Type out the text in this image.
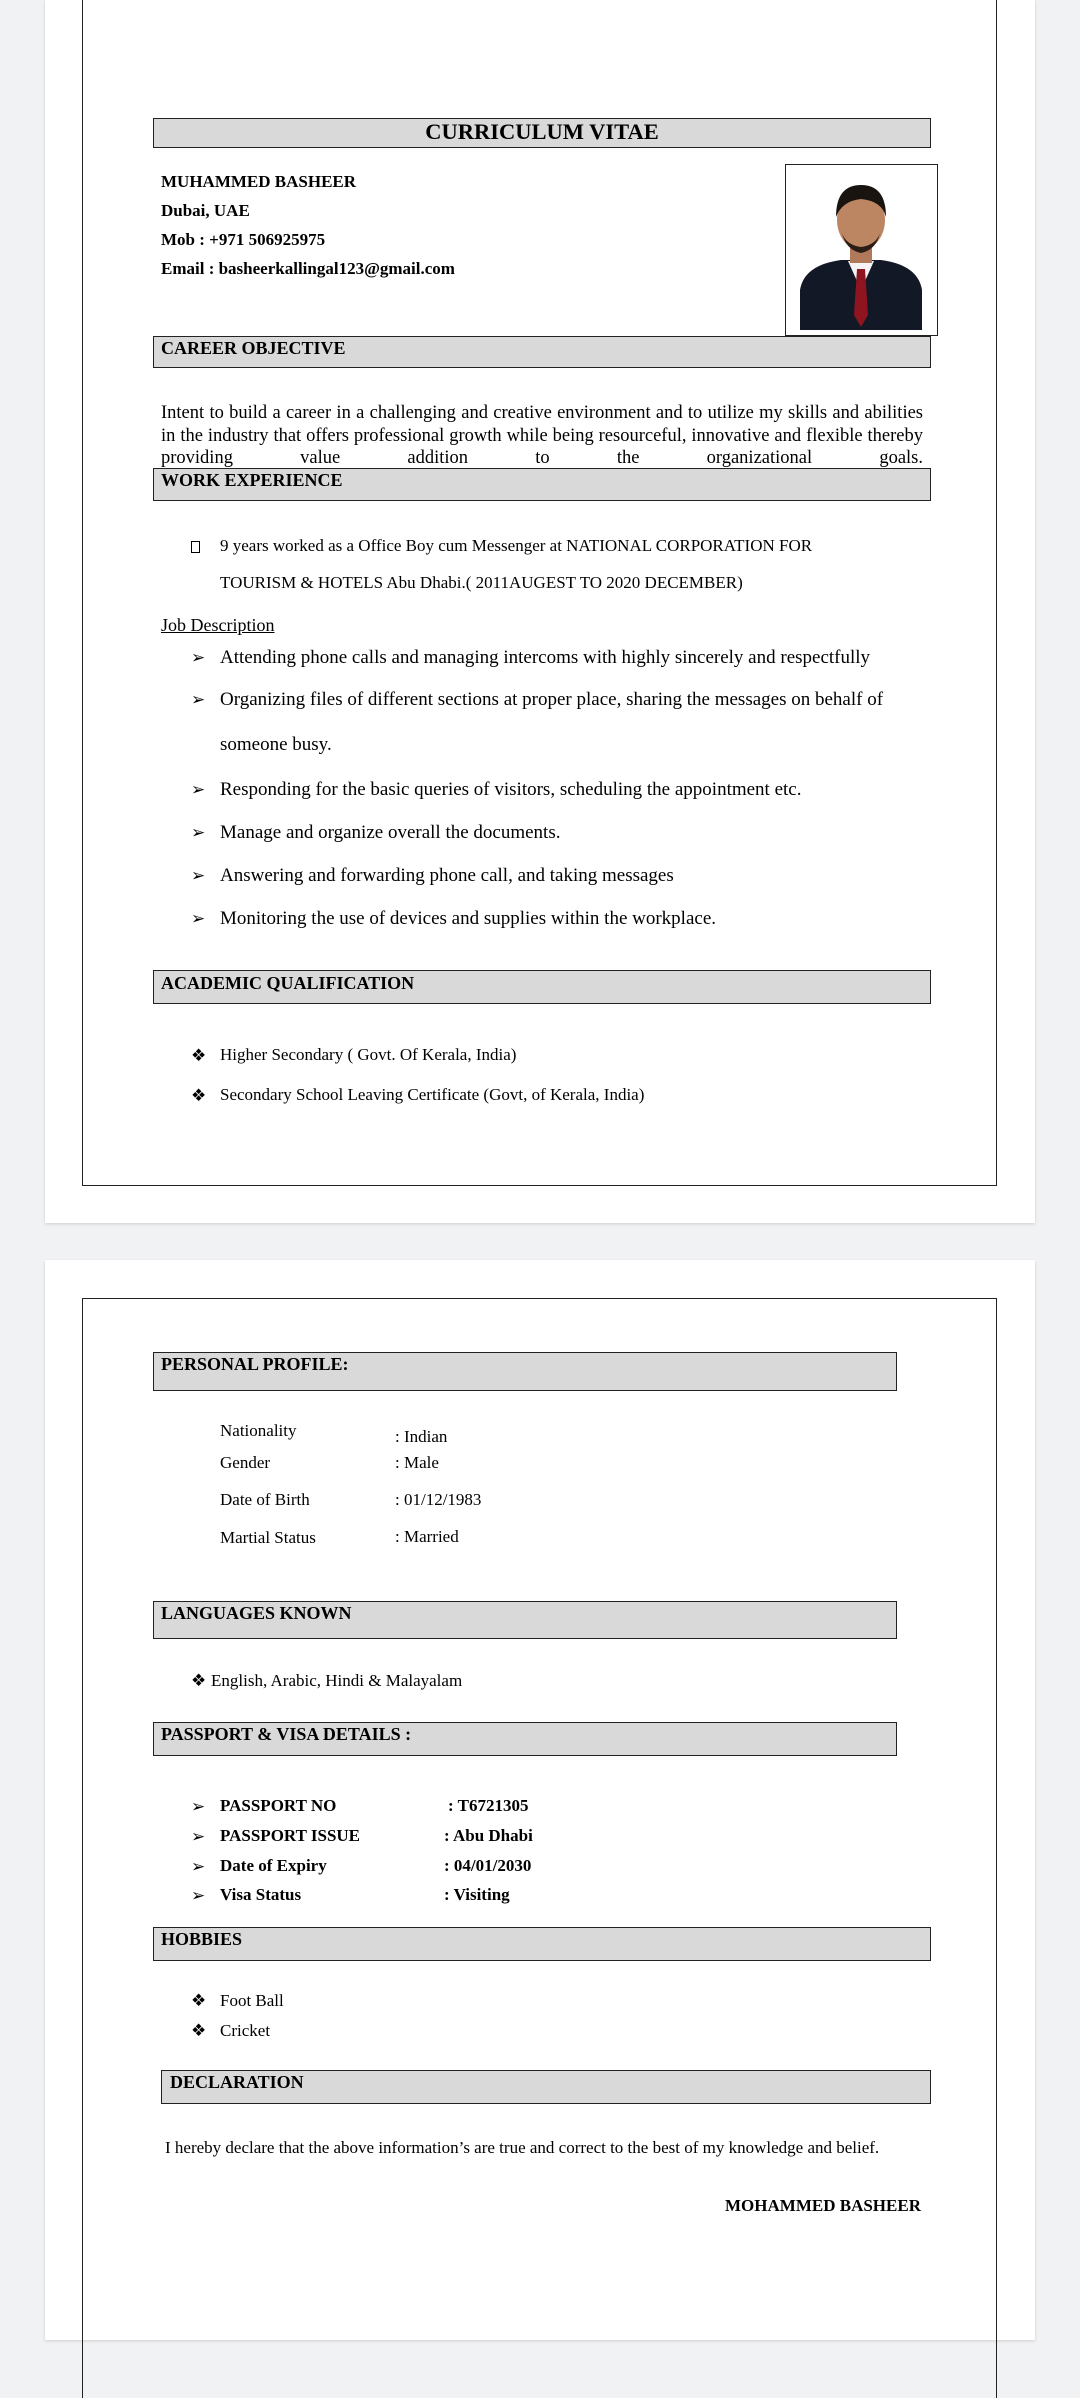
CURRICULUM VITAE
MUHAMMED BASHEER
Dubai, UAE
Mob : +971 506925975
Email : basheerkallingal123@gmail.com
CAREER OBJECTIVE
Intent to build a career in a challenging and creative environment and to utilize my skills and abilities in the industry that offers professional growth while being resourceful, innovative and flexible thereby providing value addition to the organizational goals.
WORK EXPERIENCE
9 years worked as a Office Boy cum Messenger at NATIONAL CORPORATION FOR
TOURISM & HOTELS Abu Dhabi.( 2011AUGEST TO 2020 DECEMBER)
Job Description
➢ Attending phone calls and managing intercoms with highly sincerely and respectfully
➢ Organizing files of different sections at proper place, sharing the messages on behalf of
someone busy.
➢ Responding for the basic queries of visitors, scheduling the appointment etc.
➢ Manage and organize overall the documents.
➢ Answering and forwarding phone call, and taking messages
➢ Monitoring the use of devices and supplies within the workplace.
ACADEMIC QUALIFICATION
❖ Higher Secondary ( Govt. Of Kerala, India)
❖ Secondary School Leaving Certificate (Govt, of Kerala, India)
PERSONAL PROFILE:
Nationality	: Indian
Gender	: Male
Date of Birth	: 01/12/1983
Martial Status	: Married
LANGUAGES KNOWN
❖ English, Arabic, Hindi & Malayalam
PASSPORT & VISA DETAILS :
➢ PASSPORT NO	: T6721305
➢ PASSPORT ISSUE	: Abu Dhabi
➢ Date of Expiry	: 04/01/2030
➢ Visa Status	: Visiting
HOBBIES
❖ Foot Ball
❖ Cricket
DECLARATION
I hereby declare that the above information’s are true and correct to the best of my knowledge and belief.
MOHAMMED BASHEER
